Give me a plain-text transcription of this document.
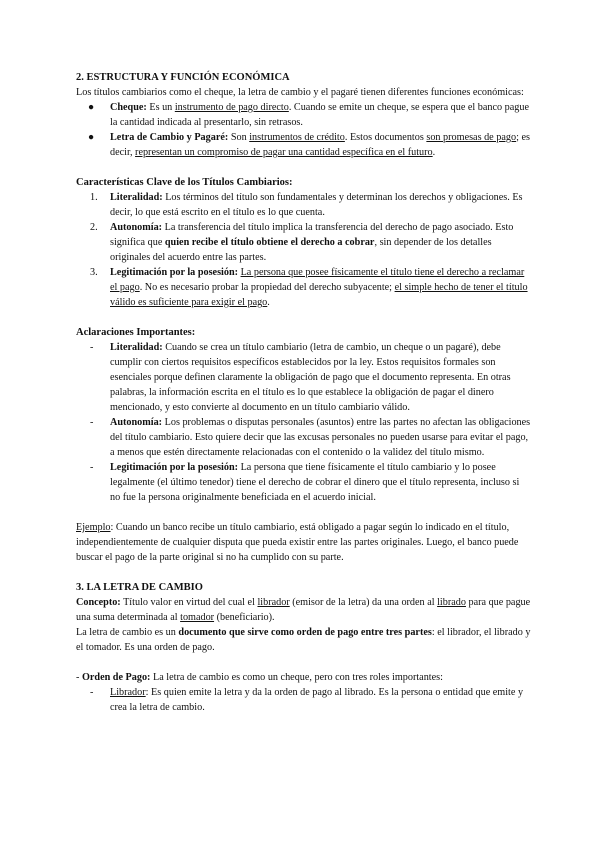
2. ESTRUCTURA Y FUNCIÓN ECONÓMICA

Los títulos cambiarios como el cheque, la letra de cambio y el pagaré tienen diferentes funciones económicas:

● Cheque: Es un instrumento de pago directo. Cuando se emite un cheque, se espera que el banco pague la cantidad indicada al presentarlo, sin retrasos.
● Letra de Cambio y Pagaré: Son instrumentos de crédito. Estos documentos son promesas de pago; es decir, representan un compromiso de pagar una cantidad específica en el futuro.
Características Clave de los Títulos Cambiarios:
1. Literalidad: Los términos del título son fundamentales y determinan los derechos y obligaciones. Es decir, lo que está escrito en el título es lo que cuenta.
2. Autonomía: La transferencia del título implica la transferencia del derecho de pago asociado. Esto significa que quien recibe el título obtiene el derecho a cobrar, sin depender de los detalles originales del acuerdo entre las partes.
3. Legitimación por la posesión: La persona que posee físicamente el título tiene el derecho a reclamar el pago. No es necesario probar la propiedad del derecho subyacente; el simple hecho de tener el título válido es suficiente para exigir el pago.
Aclaraciones Importantes:
- Literalidad: Cuando se crea un título cambiario (letra de cambio, un cheque o un pagaré), debe cumplir con ciertos requisitos específicos establecidos por la ley. Estos requisitos formales son esenciales porque definen claramente la obligación de pago que el documento representa. En otras palabras, la información escrita en el título es lo que establece la obligación de pagar el dinero mencionado, y esto convierte al documento en un título cambiario válido.
- Autonomía: Los problemas o disputas personales (asuntos) entre las partes no afectan las obligaciones del título cambiario. Esto quiere decir que las excusas personales no pueden usarse para evitar el pago, a menos que estén directamente relacionadas con el contenido o la validez del título mismo.
- Legitimación por la posesión: La persona que tiene físicamente el título cambiario y lo posee legalmente (el último tenedor) tiene el derecho de cobrar el dinero que el título representa, incluso si no fue la persona originalmente beneficiada en el acuerdo inicial.

Ejemplo: Cuando un banco recibe un título cambiario, está obligado a pagar según lo indicado en el título, independientemente de cualquier disputa que pueda existir entre las partes originales. Luego, el banco puede buscar el pago de la parte original si no ha cumplido con su parte.

3. LA LETRA DE CAMBIO

Concepto: Título valor en virtud del cual el librador (emisor de la letra) da una orden al librado para que pague una suma determinada al tomador (beneficiario).

La letra de cambio es un documento que sirve como orden de pago entre tres partes: el librador, el librado y el tomador. Es una orden de pago.

- Orden de Pago: La letra de cambio es como un cheque, pero con tres roles importantes:

- Librador: Es quien emite la letra y da la orden de pago al librado. Es la persona o entidad que emite y crea la letra de cambio.
